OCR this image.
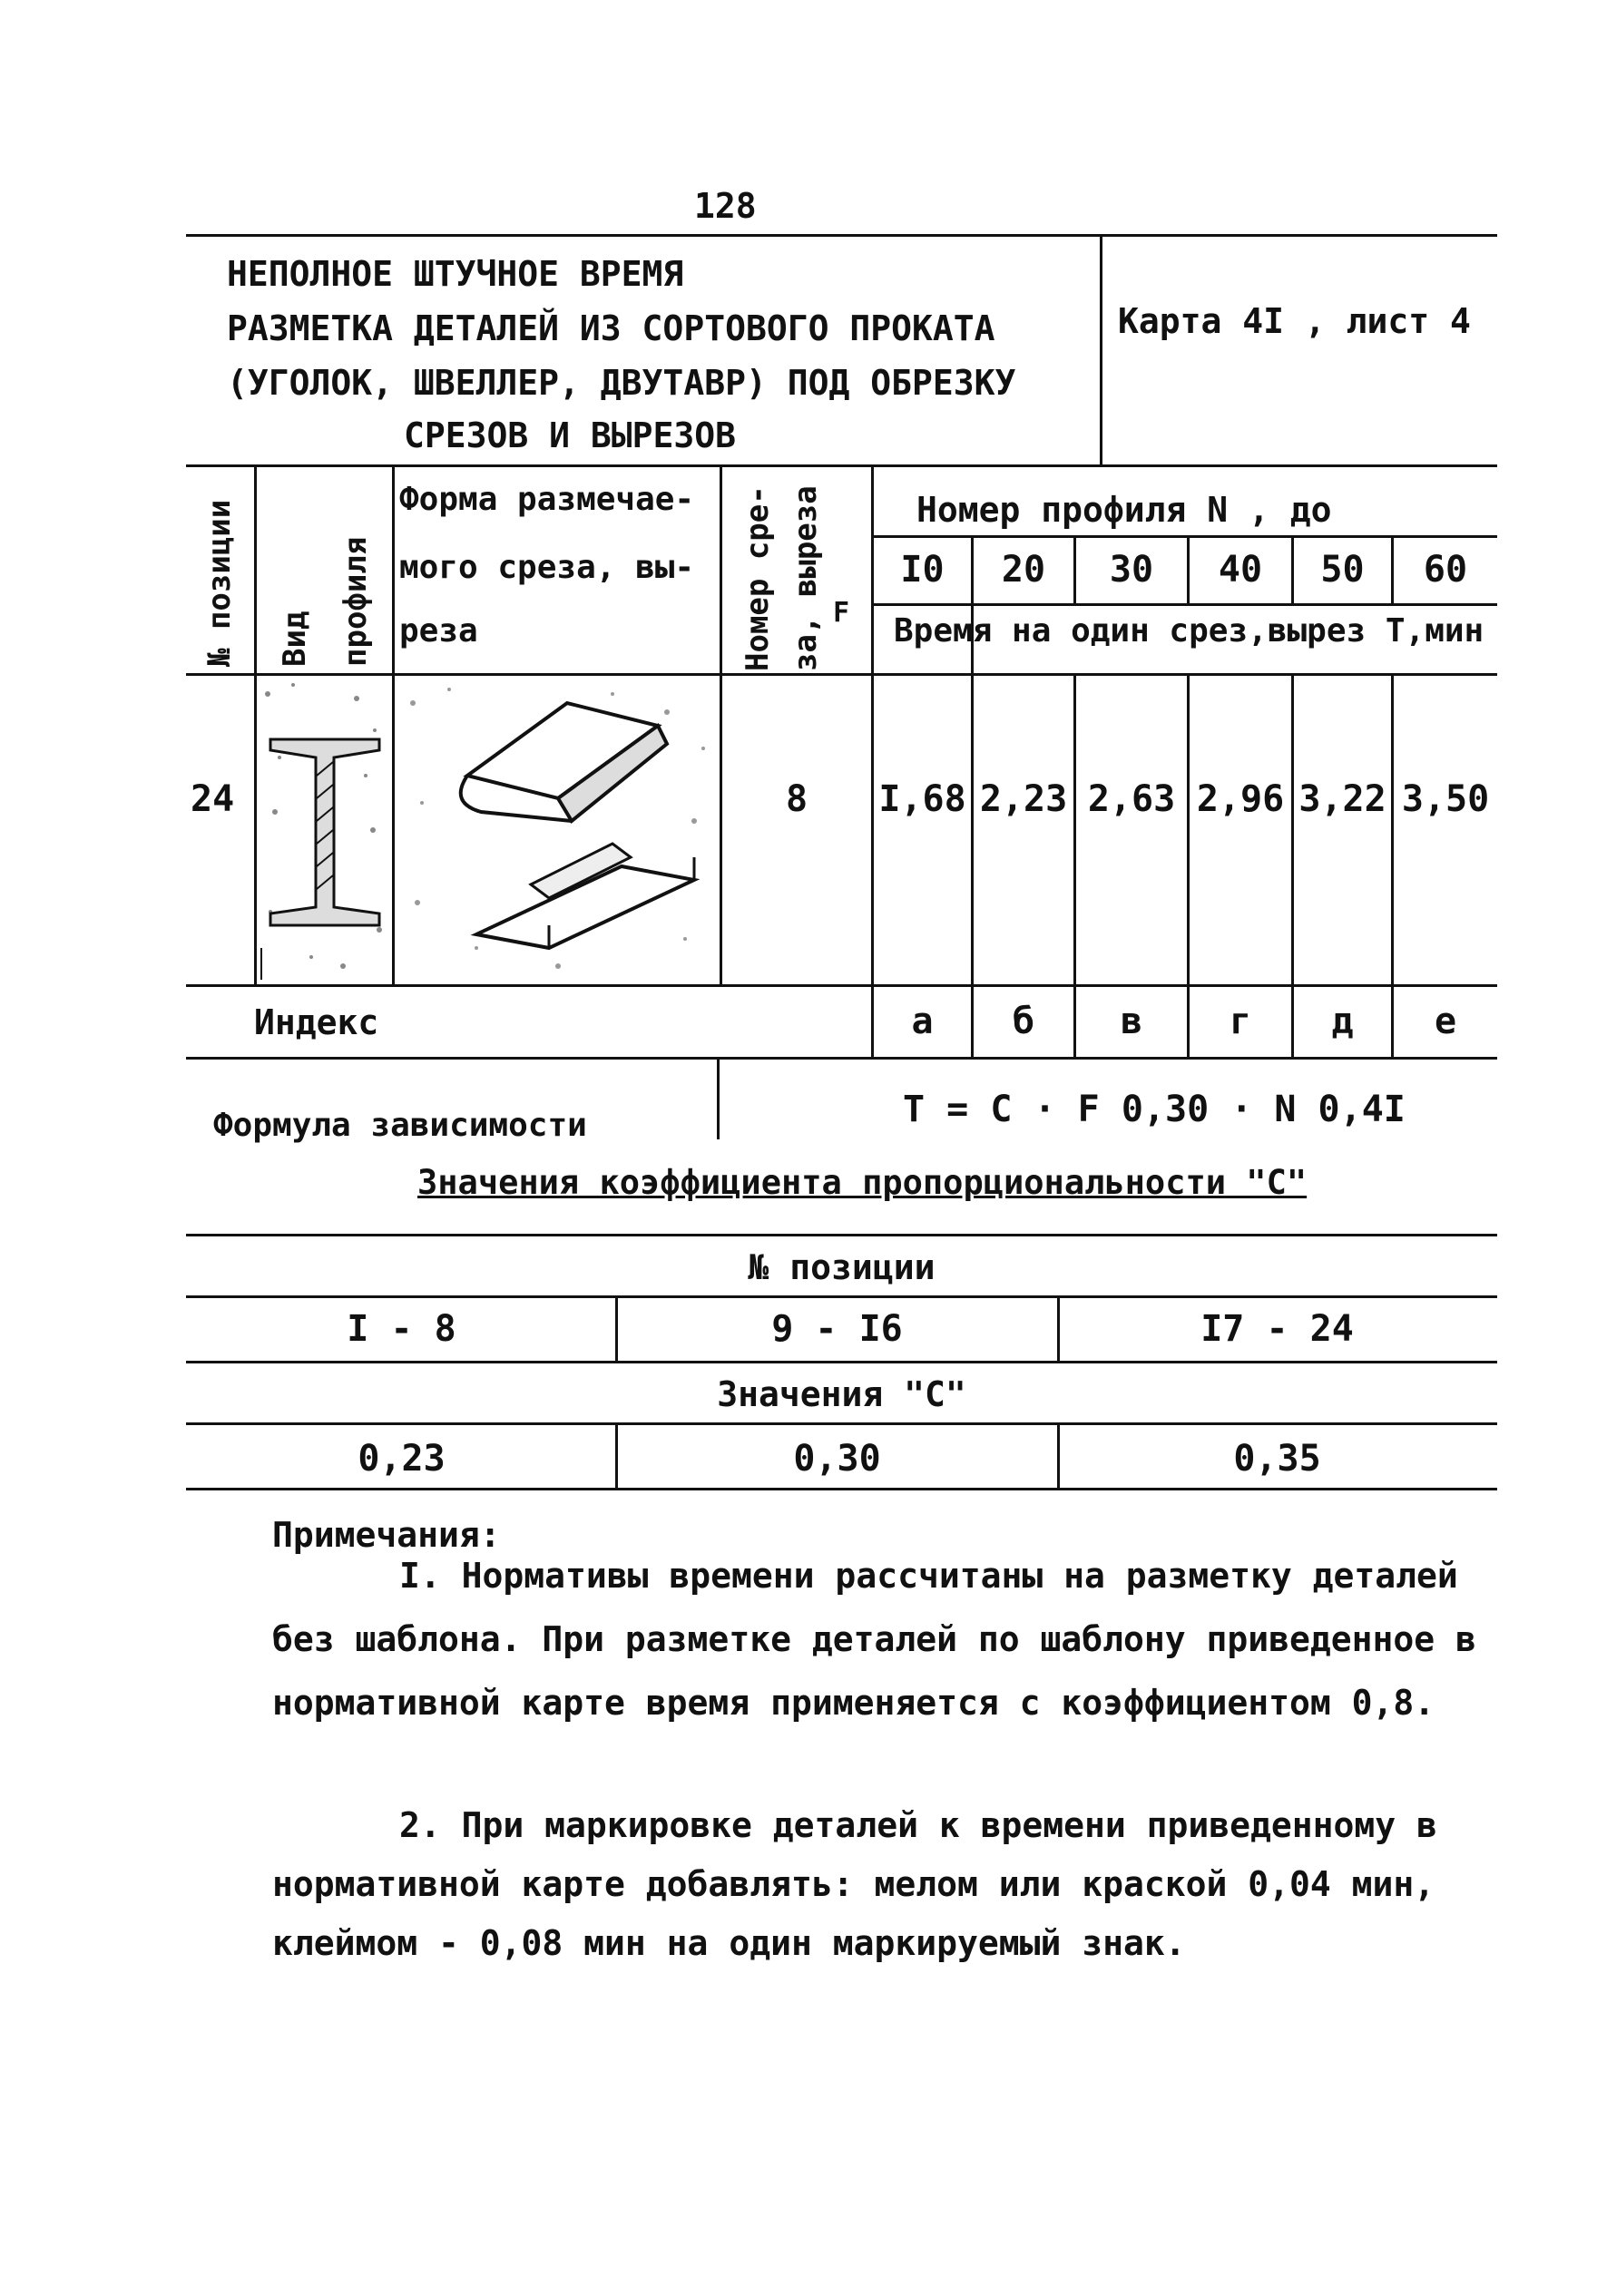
128
НЕПОЛНОЕ ШТУЧНОЕ ВРЕМЯ
РАЗМЕТКА ДЕТАЛЕЙ ИЗ СОРТОВОГО ПРОКАТА
(УГОЛОК, ШВЕЛЛЕР, ДВУТАВР) ПОД ОБРЕЗКУ
СРЕЗОВ И ВЫРЕЗОВ
Карта 4I , лист 4
№ позиции Вид профиля
Форма размечае-
мого среза, вы-
реза	Номер сре- за, выреза F
Номер профиля N , до
I0	20	30	40	50	60
Время на один срез,вырез Т,мин
24	8 I,68 2,23 2,63 2,96 3,22 3,50
Индекс	а	б	в	г	д	е
Формула зависимости	T = C · F 0,30 · N 0,4I
Значения коэффициента пропорциональности "С"
№ позиции
I - 8	9 - I6	I7 - 24
Значения "С"
0,23	0,30	0,35
Примечания:
I. Нормативы времени рассчитаны на разметку деталей
без шаблона. При разметке деталей по шаблону приведенное в
нормативной карте время применяется с коэффициентом 0,8.
2. При маркировке деталей к времени приведенному в
нормативной карте добавлять: мелом или краской 0,04 мин,
клеймом - 0,08 мин на один маркируемый знак.
